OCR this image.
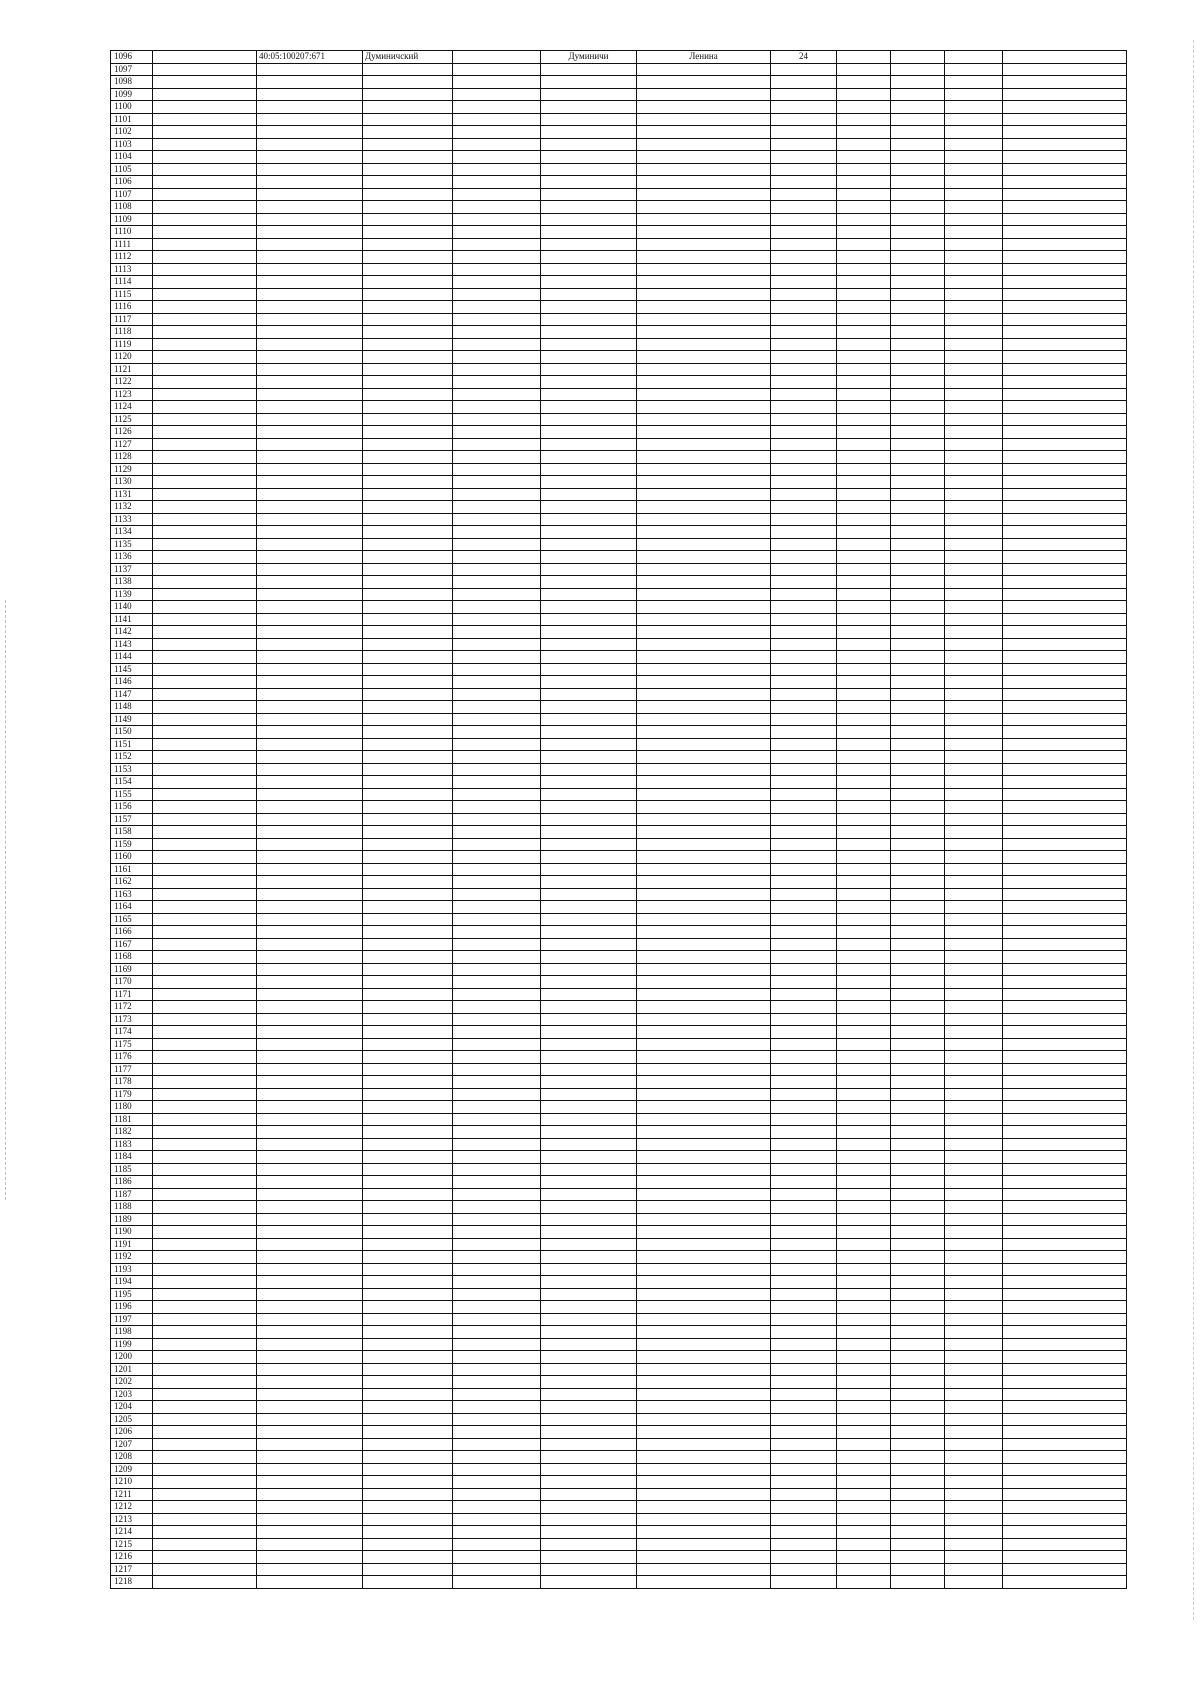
1096		40:05:100207:671	Думиничский		Думиничи	Ленина	24				
1097											
1098											
1099											
1100											
1101											
1102											
1103											
1104											
1105											
1106											
1107											
1108											
1109											
1110											
1111											
1112											
1113											
1114											
1115											
1116											
1117											
1118											
1119											
1120											
1121											
1122											
1123											
1124											
1125											
1126											
1127											
1128											
1129											
1130											
1131											
1132											
1133											
1134											
1135											
1136											
1137											
1138											
1139											
1140											
1141											
1142											
1143											
1144											
1145											
1146											
1147											
1148											
1149											
1150											
1151											
1152											
1153											
1154											
1155											
1156											
1157											
1158											
1159											
1160											
1161											
1162											
1163											
1164											
1165											
1166											
1167											
1168											
1169											
1170											
1171											
1172											
1173											
1174											
1175											
1176											
1177											
1178											
1179											
1180											
1181											
1182											
1183											
1184											
1185											
1186											
1187											
1188											
1189											
1190											
1191											
1192											
1193											
1194											
1195											
1196											
1197											
1198											
1199											
1200											
1201											
1202											
1203											
1204											
1205											
1206											
1207											
1208											
1209											
1210											
1211											
1212											
1213											
1214											
1215											
1216											
1217											
1218											
